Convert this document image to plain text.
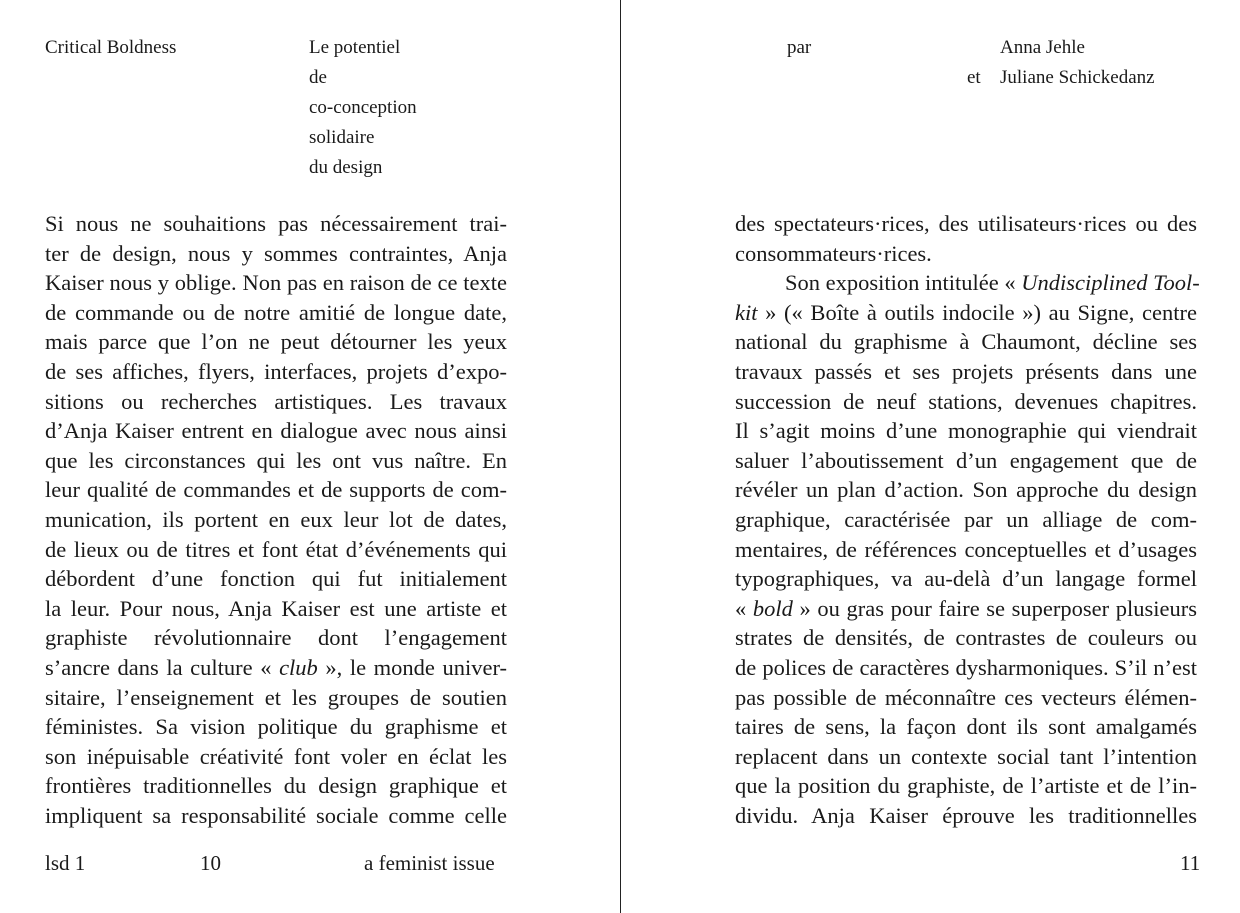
Critical Boldness	Le potentiel
de
co-conception
solidaire
du design
Si nous ne souhaitions pas nécessairement trai-
ter de design, nous y sommes contraintes, Anja
Kaiser nous y oblige. Non pas en raison de ce texte
de commande ou de notre amitié de longue date,
mais parce que l’on ne peut détourner les yeux
de ses affiches, flyers, interfaces, projets d’expo-
sitions ou recherches artistiques. Les travaux
d’Anja Kaiser entrent en dialogue avec nous ainsi
que les circonstances qui les ont vus naître. En
leur qualité de commandes et de supports de com-
munication, ils portent en eux leur lot de dates,
de lieux ou de titres et font état d’événements qui
débordent d’une fonction qui fut initialement
la leur. Pour nous, Anja Kaiser est une artiste et
graphiste révolutionnaire dont l’engagement
s’ancre dans la culture « club », le monde univer-
sitaire, l’enseignement et les groupes de soutien
féministes. Sa vision politique du graphisme et
son inépuisable créativité font voler en éclat les
frontières traditionnelles du design graphique et
impliquent sa responsabilité sociale comme celle
lsd 1	10	a feminist issue
par	Anna Jehle
et Juliane Schickedanz
des spectateurs·rices, des utilisateurs·rices ou des
consommateurs·rices.
Son exposition intitulée « Undisciplined Tool-
kit » (« Boîte à outils indocile ») au Signe, centre
national du graphisme à Chaumont, décline ses
travaux passés et ses projets présents dans une
succession de neuf stations, devenues chapitres.
Il s’agit moins d’une monographie qui viendrait
saluer l’aboutissement d’un engagement que de
révéler un plan d’action. Son approche du design
graphique, caractérisée par un alliage de com-
mentaires, de références conceptuelles et d’usages
typographiques, va au-delà d’un langage formel
« bold » ou gras pour faire se superposer plusieurs
strates de densités, de contrastes de couleurs ou
de polices de caractères dysharmoniques. S’il n’est
pas possible de méconnaître ces vecteurs élémen-
taires de sens, la façon dont ils sont amalgamés
replacent dans un contexte social tant l’intention
que la position du graphiste, de l’artiste et de l’in-
dividu. Anja Kaiser éprouve les traditionnelles
11
